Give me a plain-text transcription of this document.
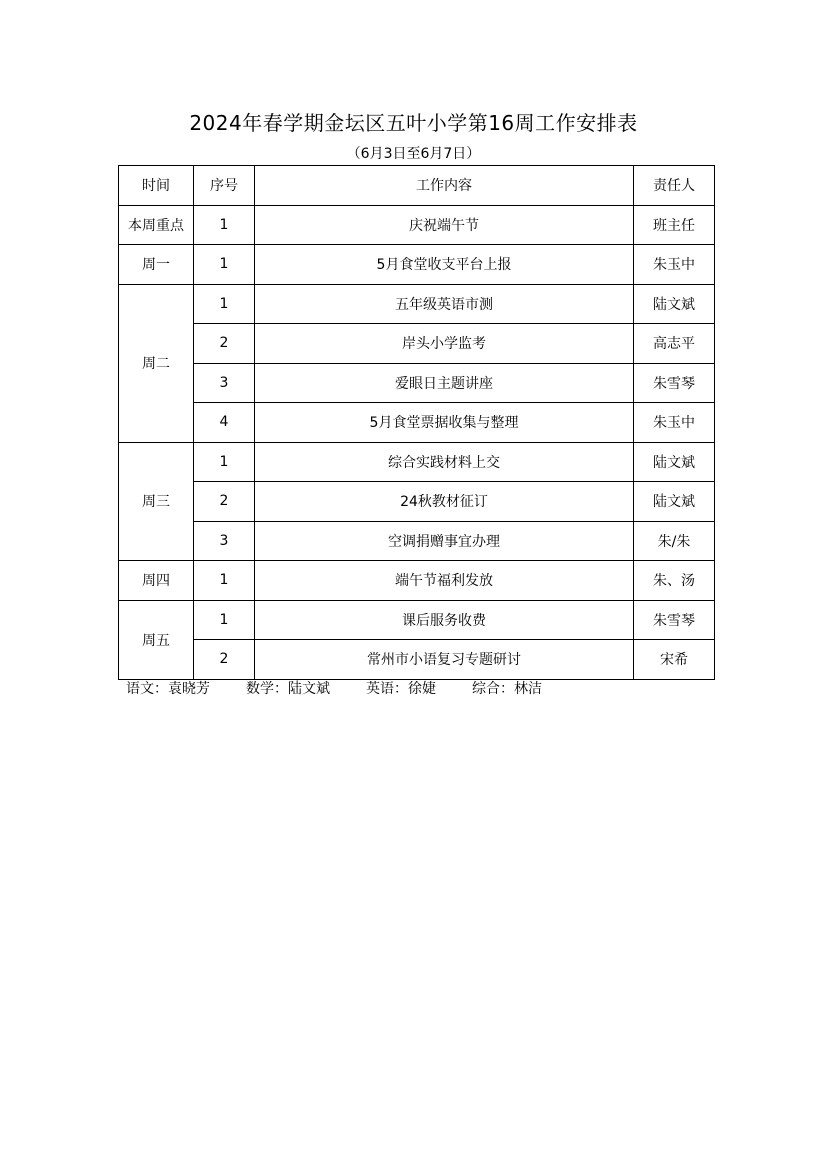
2024年春学期金坛区五叶小学第16周工作安排表
（6月3日至6月7日）
时间	序号	工作内容	责任人
本周重点	1	庆祝端午节	班主任
周一	1	5月食堂收支平台上报	朱玉中
周二	1	五年级英语市测	陆文斌
	2	岸头小学监考	高志平
	3	爱眼日主题讲座	朱雪琴
	4	5月食堂票据收集与整理	朱玉中
周三	1	综合实践材料上交	陆文斌
	2	24秋教材征订	陆文斌
	3	空调捐赠事宜办理	朱/朱
周四	1	端午节福利发放	朱、汤
周五	1	课后服务收费	朱雪琴
	2	常州市小语复习专题研讨	宋希
语文：袁晓芳	数学：陆文斌	英语：徐婕	综合：林洁
